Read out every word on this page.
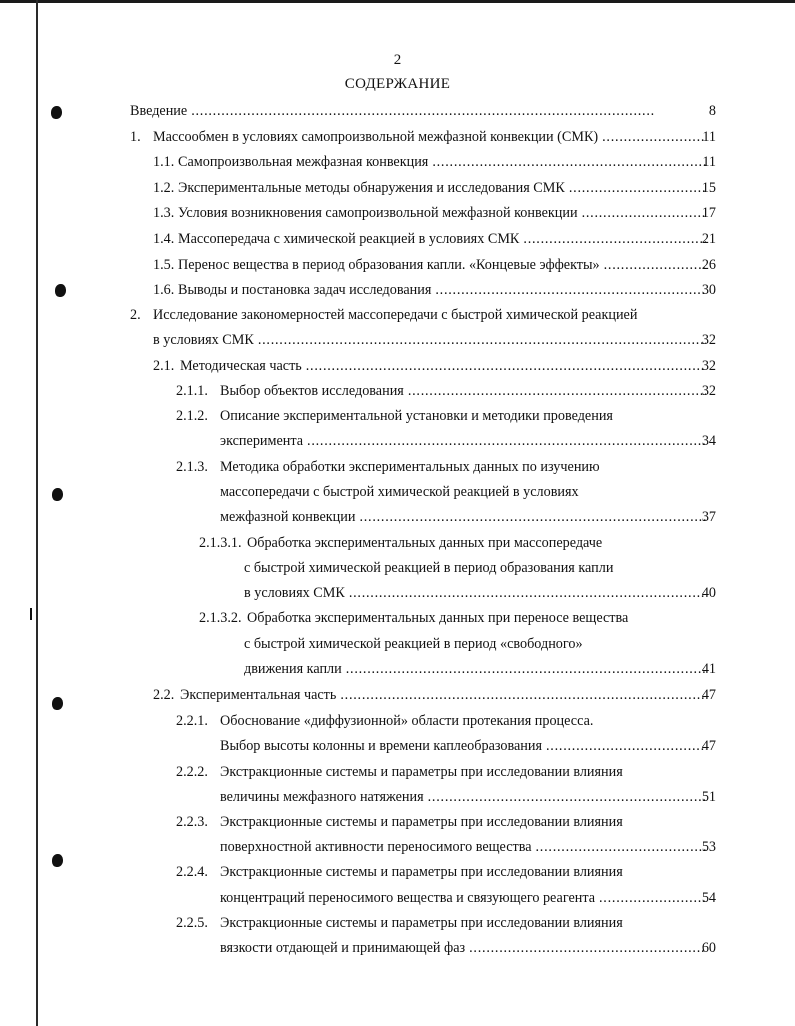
2
СОДЕРЖАНИЕ
Введение . . .	8
1. Массообмен в условиях самопроизвольной межфазной конвекции (СМК) . . .	11
1.1. Самопроизвольная межфазная конвекция . . .	11
1.2. Экспериментальные методы обнаружения и исследования СМК . . .	15
1.3. Условия возникновения самопроизвольной межфазной конвекции . . .	17
1.4. Массопередача с химической реакцией в условиях СМК . . .	21
1.5. Перенос вещества в период образования капли. «Концевые эффекты» . . .	26
1.6. Выводы и постановка задач исследования . . .	30
2. Исследование закономерностей массопередачи с быстрой химической реакцией
в условиях СМК . . .	32
2.1. Методическая часть . . .	32
2.1.1. Выбор объектов исследования . . .	32
2.1.2. Описание экспериментальной установки и методики проведения
эксперимента . . .	34
2.1.3. Методика обработки экспериментальных данных по изучению
массопередачи с быстрой химической реакцией в условиях
межфазной конвекции . . .	37
2.1.3.1. Обработка экспериментальных данных при массопередаче
с быстрой химической реакцией в период образования капли
в условиях СМК . . .	40
2.1.3.2. Обработка экспериментальных данных при переносе вещества
с быстрой химической реакцией в период «свободного»
движения капли . . .	41
2.2. Экспериментальная часть . . .	47
2.2.1. Обоснование «диффузионной» области протекания процесса.
Выбор высоты колонны и времени каплеобразования . . .	47
2.2.2. Экстракционные системы и параметры при исследовании влияния
величины межфазного натяжения . . .	51
2.2.3. Экстракционные системы и параметры при исследовании влияния
поверхностной активности переносимого вещества . . .	53
2.2.4. Экстракционные системы и параметры при исследовании влияния
концентраций переносимого вещества и связующего реагента . . .	54
2.2.5. Экстракционные системы и параметры при исследовании влияния
вязкости отдающей и принимающей фаз . . .	60
